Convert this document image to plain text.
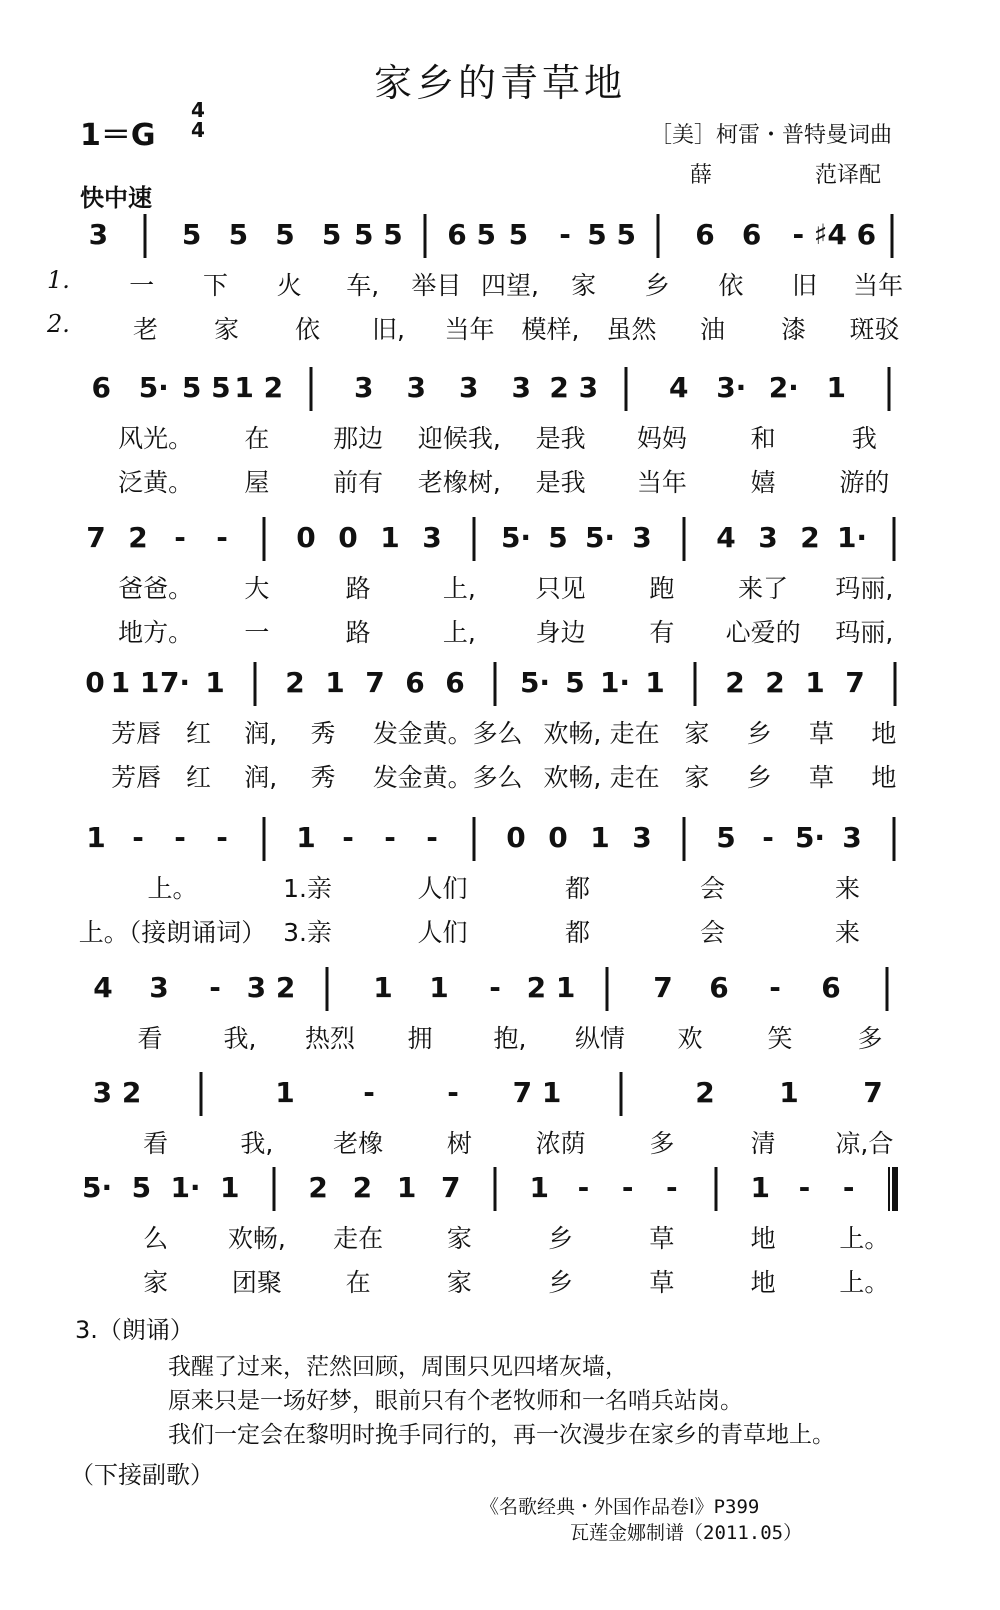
家乡的青草地
1＝G
4
4	［美］柯雷・普特曼词曲
薛	范译配
快中速
3	5 5 5 5 5 5 6 5 5 - 5 5 6 6 - ♯4 6
1. 一 下 火 车, 举目 四望, 家 乡 依 旧 当年
2.	老 家 依 旧, 当年 模样, 虽然 油 漆 斑驳
6 5· 5 5 1 2	3 3 3 3 2 3	4 3· 2· 1
风光。 在	那边 迎候我, 是我 妈妈	和	我
泛黄。 屋	前有 老橡树, 是我 当年	嬉	游的
7 2 - - 0 0 1 3 5· 5 5· 3 4 3 2 1·
爸爸。 大	路	上, 只见	跑	来了 玛丽,
地方。 一	路	上, 身边	有 心爱的 玛丽,
0 1 1 7· 1 2 1 7 6 6 5· 5 1· 1 2 2 1 7
芳唇 红 润, 秀 发 金黄。多 么 欢畅, 走在 家 乡 草 地
芳唇 红 润, 秀 发 金黄。多 么 欢畅, 走在 家 乡 草 地
1 - - - 1 - - - 0 0 1 3 5 - 5· 3
上。	1.亲	人们	都	会	来
上。（接朗诵词） 3.亲	人们	都	会	来
4 3 - 3 2	1 1 - 2 1	7 6 - 6
看 我, 热烈 拥 抱, 纵情 欢	笑	多
3 2	1 -	- 7 1	2 1 7
看	我, 老橡	树	浓荫	多	清 凉,合
5· 5 1· 1 2 2 1 7 1 - - -	1 - -
么 欢畅, 走在	家	乡	草	地	上。
家	团聚	在	家	乡	草	地	上。
3.（朗诵）
我醒了过来，茫然回顾，周围只见四堵灰墙，
原来只是一场好梦，眼前只有个老牧师和一名哨兵站岗。
我们一定会在黎明时挽手同行的，再一次漫步在家乡的青草地上。
（下接副歌）
《名歌经典・外国作品卷Ⅰ》P399
瓦莲金娜制谱（2011.05）
